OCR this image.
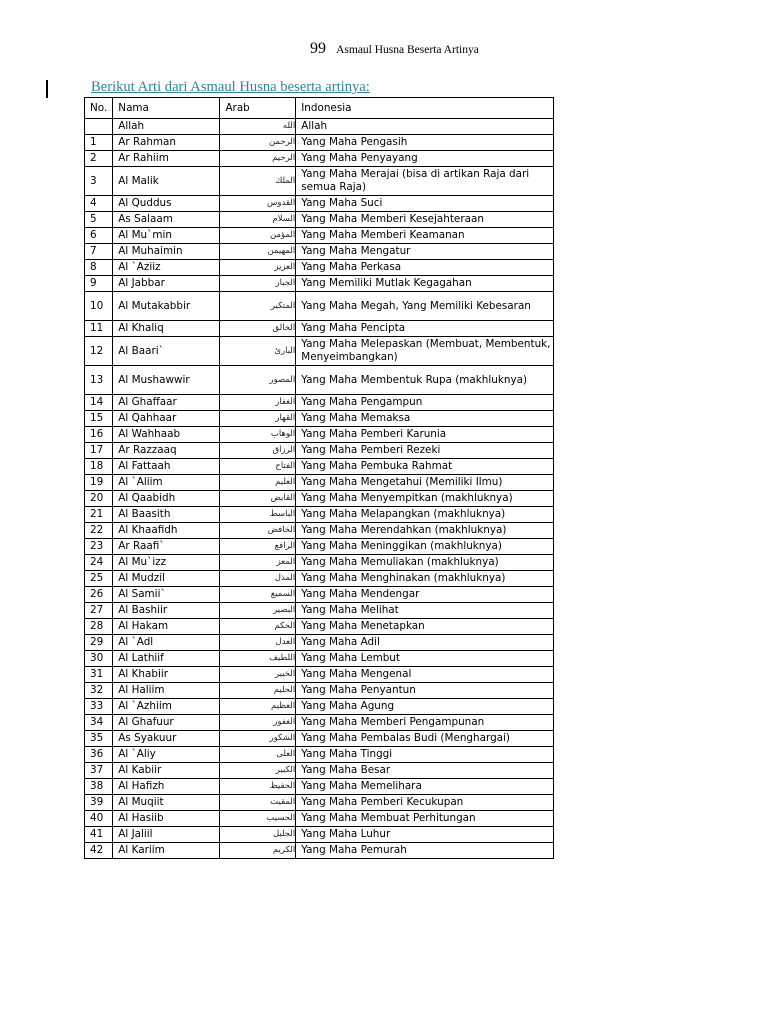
99 Asmaul Husna Beserta Artinya
Berikut Arti dari Asmaul Husna beserta artinya:
No.	Nama	Arab	Indonesia
	Allah	الله	Allah
1	Ar Rahman	الرحمن	Yang Maha Pengasih
2	Ar Rahiim	الرحيم	Yang Maha Penyayang
3	Al Malik	الملك	Yang Maha Merajai (bisa di artikan Raja dari semua Raja)
4	Al Quddus	القدوس	Yang Maha Suci
5	As Salaam	السلام	Yang Maha Memberi Kesejahteraan
6	Al Mu`min	المؤمن	Yang Maha Memberi Keamanan
7	Al Muhaimin	المهيمن	Yang Maha Mengatur
8	Al `Aziiz	العزيز	Yang Maha Perkasa
9	Al Jabbar	الجبار	Yang Memiliki Mutlak Kegagahan
10	Al Mutakabbir	المتكبر	Yang Maha Megah, Yang Memiliki Kebesaran
11	Al Khaliq	الخالق	Yang Maha Pencipta
12	Al Baari`	البارئ	Yang Maha Melepaskan (Membuat, Membentuk, Menyeimbangkan)
13	Al Mushawwir	المصور	Yang Maha Membentuk Rupa (makhluknya)
14	Al Ghaffaar	الغفار	Yang Maha Pengampun
15	Al Qahhaar	القهار	Yang Maha Memaksa
16	Al Wahhaab	الوهاب	Yang Maha Pemberi Karunia
17	Ar Razzaaq	الرزاق	Yang Maha Pemberi Rezeki
18	Al Fattaah	الفتاح	Yang Maha Pembuka Rahmat
19	Al `Aliim	العليم	Yang Maha Mengetahui (Memiliki Ilmu)
20	Al Qaabidh	القابض	Yang Maha Menyempitkan (makhluknya)
21	Al Baasith	الباسط	Yang Maha Melapangkan (makhluknya)
22	Al Khaafidh	الخافض	Yang Maha Merendahkan (makhluknya)
23	Ar Raafi`	الرافع	Yang Maha Meninggikan (makhluknya)
24	Al Mu`izz	المعز	Yang Maha Memuliakan (makhluknya)
25	Al Mudzil	المذل	Yang Maha Menghinakan (makhluknya)
26	Al Samii`	السميع	Yang Maha Mendengar
27	Al Bashiir	البصير	Yang Maha Melihat
28	Al Hakam	الحكم	Yang Maha Menetapkan
29	Al `Adl	العدل	Yang Maha Adil
30	Al Lathiif	اللطيف	Yang Maha Lembut
31	Al Khabiir	الخبير	Yang Maha Mengenal
32	Al Haliim	الحليم	Yang Maha Penyantun
33	Al `Azhiim	العظيم	Yang Maha Agung
34	Al Ghafuur	الغفور	Yang Maha Memberi Pengampunan
35	As Syakuur	الشكور	Yang Maha Pembalas Budi (Menghargai)
36	Al `Aliy	العلى	Yang Maha Tinggi
37	Al Kabiir	الكبير	Yang Maha Besar
38	Al Hafizh	الحفيظ	Yang Maha Memelihara
39	Al Muqiit	المقيت	Yang Maha Pemberi Kecukupan
40	Al Hasiib	الحسيب	Yang Maha Membuat Perhitungan
41	Al Jaliil	الجليل	Yang Maha Luhur
42	Al Kariim	الكريم	Yang Maha Pemurah
